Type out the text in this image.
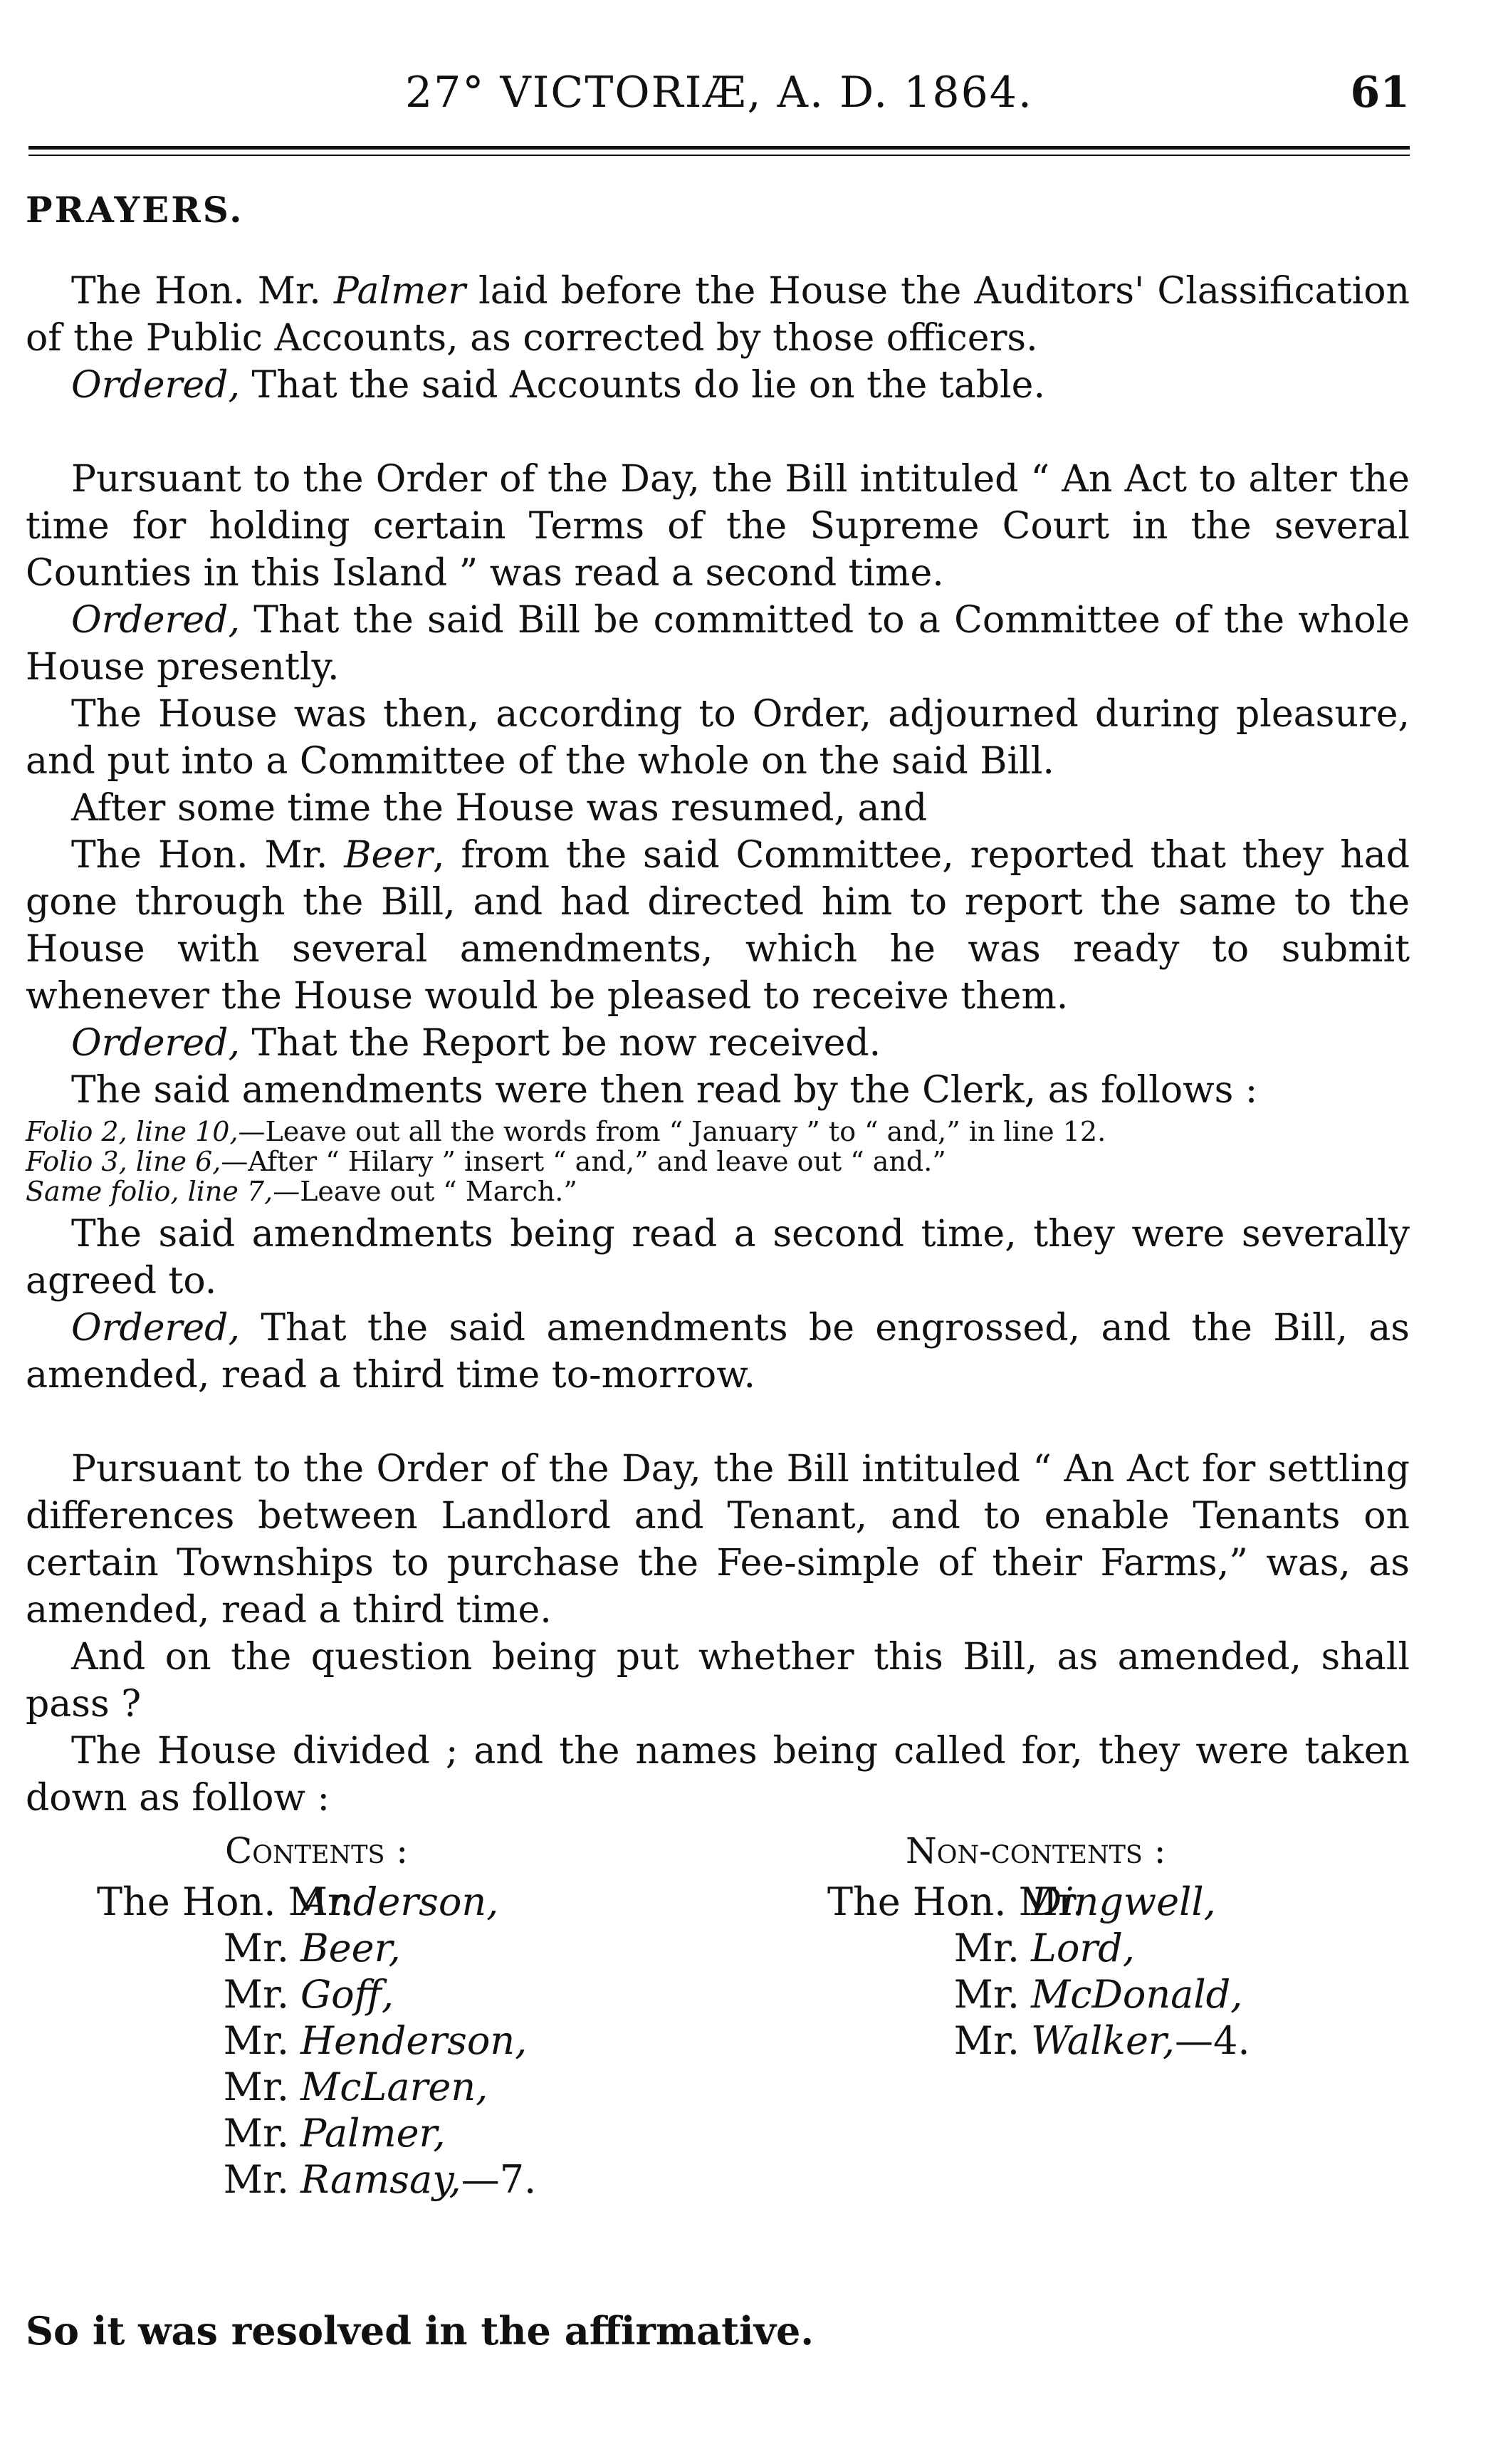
27° VICTORIÆ, A. D. 1864.	61
PRAYERS.

The Hon. Mr. Palmer laid before the House the Auditors' Classification of the Public Accounts, as corrected by those officers.

Ordered, That the said Accounts do lie on the table.

Pursuant to the Order of the Day, the Bill intituled “ An Act to alter the time for holding certain Terms of the Supreme Court in the several Counties in this Island ” was read a second time.

Ordered, That the said Bill be committed to a Committee of the whole House presently.

The House was then, according to Order, adjourned during pleasure, and put into a Committee of the whole on the said Bill.

After some time the House was resumed, and

The Hon. Mr. Beer, from the said Committee, reported that they had gone through the Bill, and had directed him to report the same to the House with several amendments, which he was ready to submit whenever the House would be pleased to receive them.

Ordered, That the Report be now received.

The said amendments were then read by the Clerk, as follows :

Folio 2, line 10,—Leave out all the words from “ January ” to “ and,” in line 12.

Folio 3, line 6,—After “ Hilary ” insert “ and,” and leave out “ and.”

Same folio, line 7,—Leave out “ March.”

The said amendments being read a second time, they were severally agreed to.

Ordered, That the said amendments be engrossed, and the Bill, as amended, read a third time to-morrow.

Pursuant to the Order of the Day, the Bill intituled “ An Act for settling differences between Landlord and Tenant, and to enable Tenants on certain Townships to purchase the Fee-simple of their Farms,” was, as amended, read a third time.

And on the question being put whether this Bill, as amended, shall pass ?

The House divided ; and the names being called for, they were taken down as follow :

Contents :
The Hon. Mr.Anderson,
Mr. Beer,
Mr. Goff,
Mr. Henderson,
Mr. McLaren,
Mr. Palmer,
Mr. Ramsay,—7.
Non-contents :
The Hon. Mr.Dingwell,
Mr. Lord,
Mr. McDonald,
Mr. Walker,—4.
So it was resolved in the affirmative.
